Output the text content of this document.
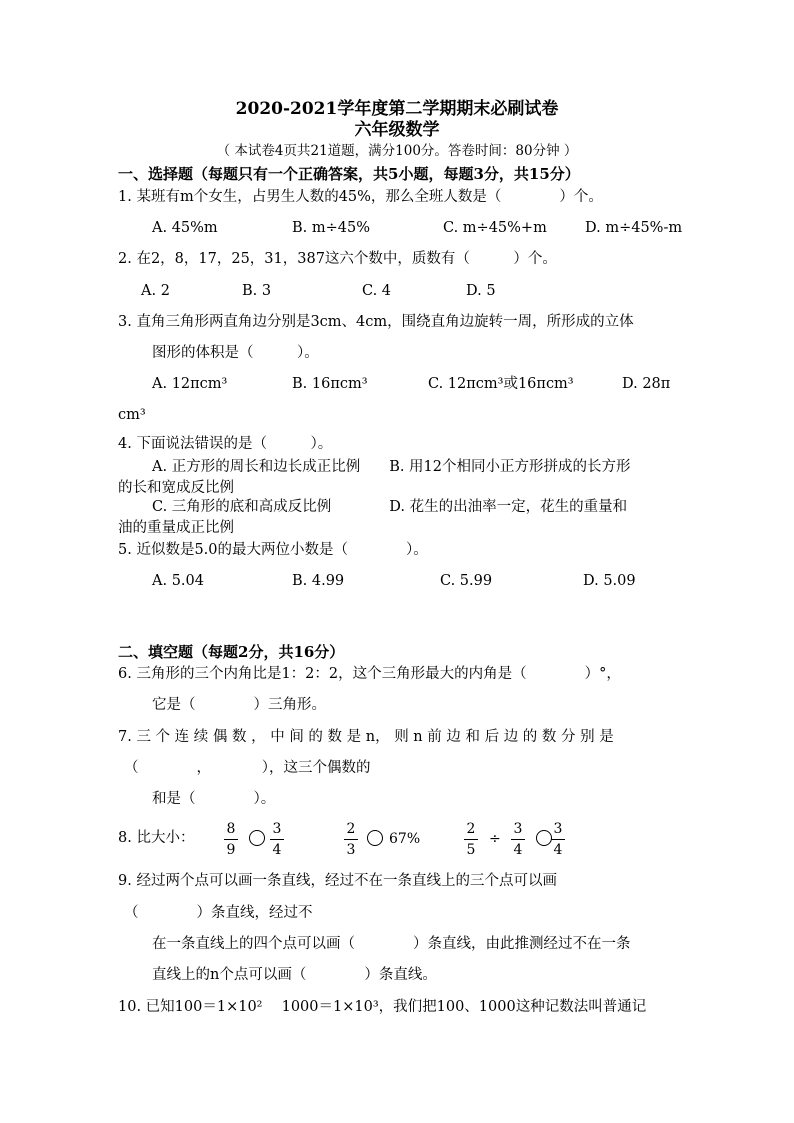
2020-2021学年度第二学期期末必刷试卷
六年级数学
（ 本试卷4页共21道题，满分100分。答卷时间：80分钟 ）
一、选择题（每题只有一个正确答案，共5小题，每题3分，共15分）
1. 某班有m个女生，占男生人数的45%，那么全班人数是（　　　　）个。
A. 45%m	B. m÷45%	C. m÷45%+m	D. m÷45%-m
2. 在2，8，17，25，31，387这六个数中，质数有（　　　）个。
A. 2	B. 3	C. 4	D. 5
3. 直角三角形两直角边分别是3cm、4cm，围绕直角边旋转一周，所形成的立体
图形的体积是（　　　）。
A. 12πcm³	B. 16πcm³	C. 12πcm³或16πcm³	D. 28π
cm³
4. 下面说法错误的是（　　　）。
A. 正方形的周长和边长成正比例　　B. 用12个相同小正方形拼成的长方形
的长和宽成反比例
C. 三角形的底和高成反比例　　　　D. 花生的出油率一定，花生的重量和
油的重量成正比例
5. 近似数是5.0的最大两位小数是（　　　　）。
A. 5.04	B. 4.99	C. 5.99	D. 5.09
二、填空题（每题2分，共16分）
6. 三角形的三个内角比是1：2：2，这个三角形最大的内角是（　　　　）°，
它是（　　　　）三角形。
7. 三 个 连 续 偶 数 ， 中 间 的 数 是 n， 则 n 前 边 和 后 边 的 数 分 别 是
（　　　　，　　　　），这三个偶数的
和是（　　　　）。
8. 比大小：
8
9
3
4
2
3
67%
2
5
÷
3
4
3
4
9. 经过两个点可以画一条直线，经过不在一条直线上的三个点可以画
（　　　　）条直线，经过不
在一条直线上的四个点可以画（　　　　）条直线，由此推测经过不在一条
直线上的n个点可以画（　　　　）条直线。
10. 已知100＝1×10²　 1000＝1×10³，我们把100、1000这种记数法叫普通记
